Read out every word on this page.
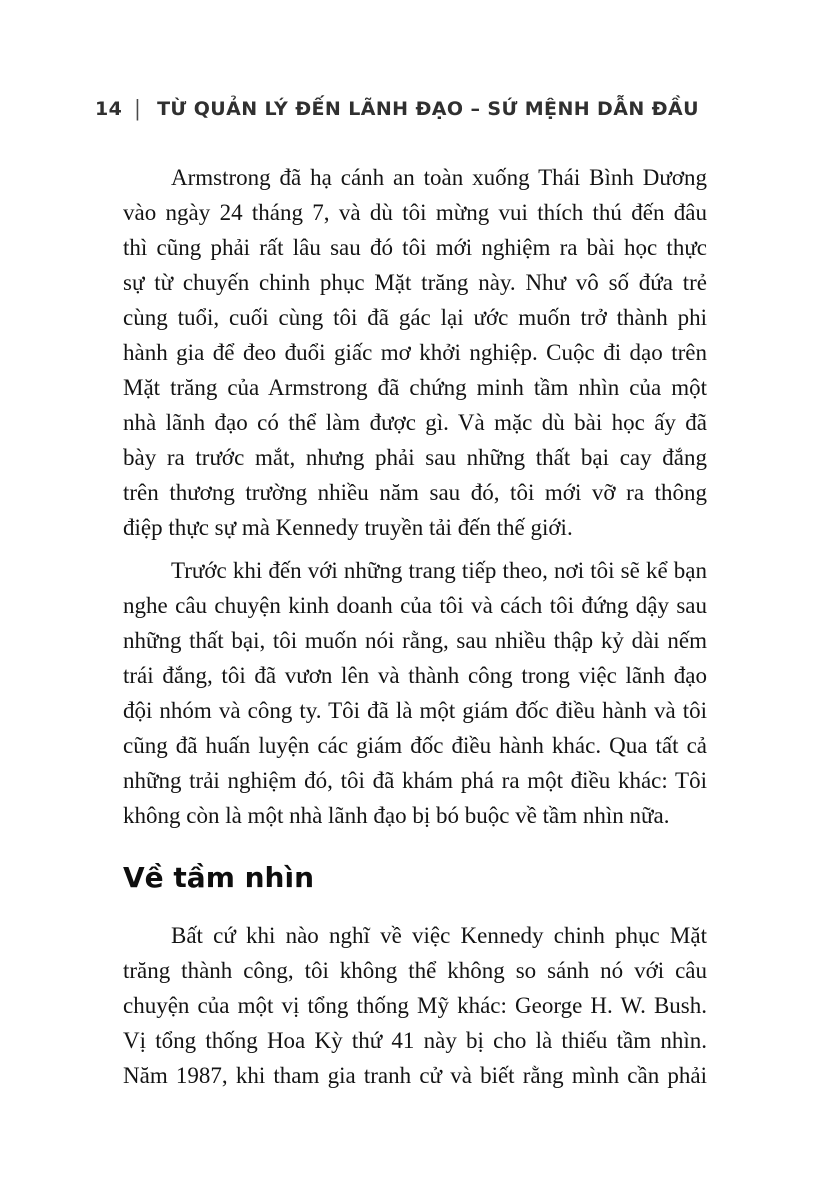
14 | TỪ QUẢN LÝ ĐẾN LÃNH ĐẠO – SỨ MỆNH DẪN ĐẦU
Armstrong đã hạ cánh an toàn xuống Thái Bình Dương
vào ngày 24 tháng 7, và dù tôi mừng vui thích thú đến đâu
thì cũng phải rất lâu sau đó tôi mới nghiệm ra bài học thực
sự từ chuyến chinh phục Mặt trăng này. Như vô số đứa trẻ
cùng tuổi, cuối cùng tôi đã gác lại ước muốn trở thành phi
hành gia để đeo đuổi giấc mơ khởi nghiệp. Cuộc đi dạo trên
Mặt trăng của Armstrong đã chứng minh tầm nhìn của một
nhà lãnh đạo có thể làm được gì. Và mặc dù bài học ấy đã
bày ra trước mắt, nhưng phải sau những thất bại cay đắng
trên thương trường nhiều năm sau đó, tôi mới vỡ ra thông
điệp thực sự mà Kennedy truyền tải đến thế giới.
Trước khi đến với những trang tiếp theo, nơi tôi sẽ kể bạn
nghe câu chuyện kinh doanh của tôi và cách tôi đứng dậy sau
những thất bại, tôi muốn nói rằng, sau nhiều thập kỷ dài nếm
trái đắng, tôi đã vươn lên và thành công trong việc lãnh đạo
đội nhóm và công ty. Tôi đã là một giám đốc điều hành và tôi
cũng đã huấn luyện các giám đốc điều hành khác. Qua tất cả
những trải nghiệm đó, tôi đã khám phá ra một điều khác: Tôi
không còn là một nhà lãnh đạo bị bó buộc về tầm nhìn nữa.
Về tầm nhìn
Bất cứ khi nào nghĩ về việc Kennedy chinh phục Mặt
trăng thành công, tôi không thể không so sánh nó với câu
chuyện của một vị tổng thống Mỹ khác: George H. W. Bush.
Vị tổng thống Hoa Kỳ thứ 41 này bị cho là thiếu tầm nhìn.
Năm 1987, khi tham gia tranh cử và biết rằng mình cần phải
